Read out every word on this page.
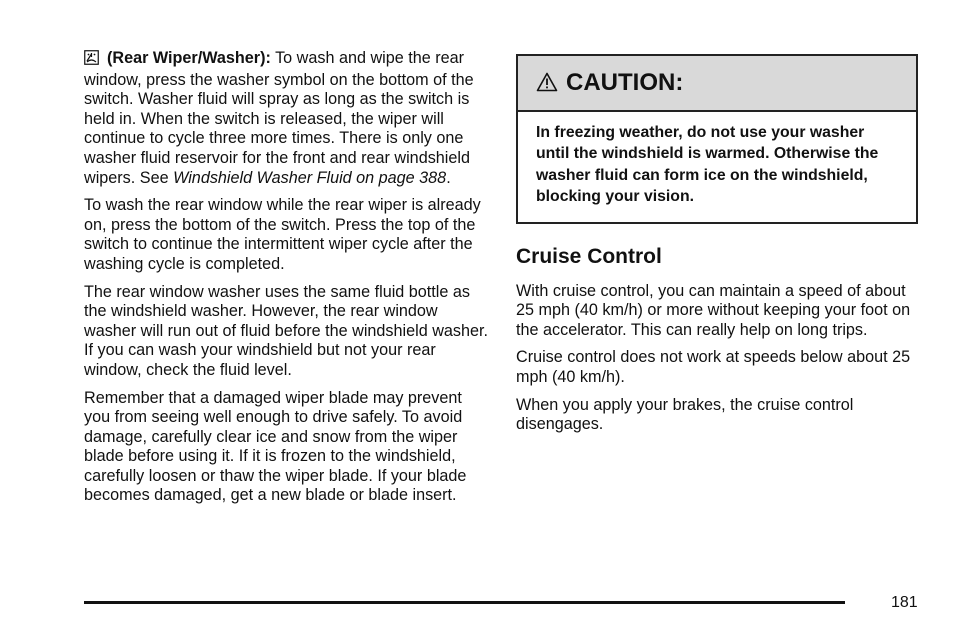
(Rear Wiper/Washer): To wash and wipe the rear window, press the washer symbol on the bottom of the switch. Washer fluid will spray as long as the switch is held in. When the switch is released, the wiper will continue to cycle three more times. There is only one washer fluid reservoir for the front and rear windshield wipers. See Windshield Washer Fluid on page 388.

To wash the rear window while the rear wiper is already on, press the bottom of the switch. Press the top of the switch to continue the intermittent wiper cycle after the washing cycle is completed.

The rear window washer uses the same fluid bottle as the windshield washer. However, the rear window washer will run out of fluid before the windshield washer. If you can wash your windshield but not your rear window, check the fluid level.

Remember that a damaged wiper blade may prevent you from seeing well enough to drive safely. To avoid damage, carefully clear ice and snow from the wiper blade before using it. If it is frozen to the windshield, carefully loosen or thaw the wiper blade. If your blade becomes damaged, get a new blade or blade insert.

CAUTION:
In freezing weather, do not use your washer until the windshield is warmed. Otherwise the washer fluid can form ice on the windshield, blocking your vision.
Cruise Control

With cruise control, you can maintain a speed of about 25 mph (40 km/h) or more without keeping your foot on the accelerator. This can really help on long trips.

Cruise control does not work at speeds below about 25 mph (40 km/h).

When you apply your brakes, the cruise control disengages.

181
